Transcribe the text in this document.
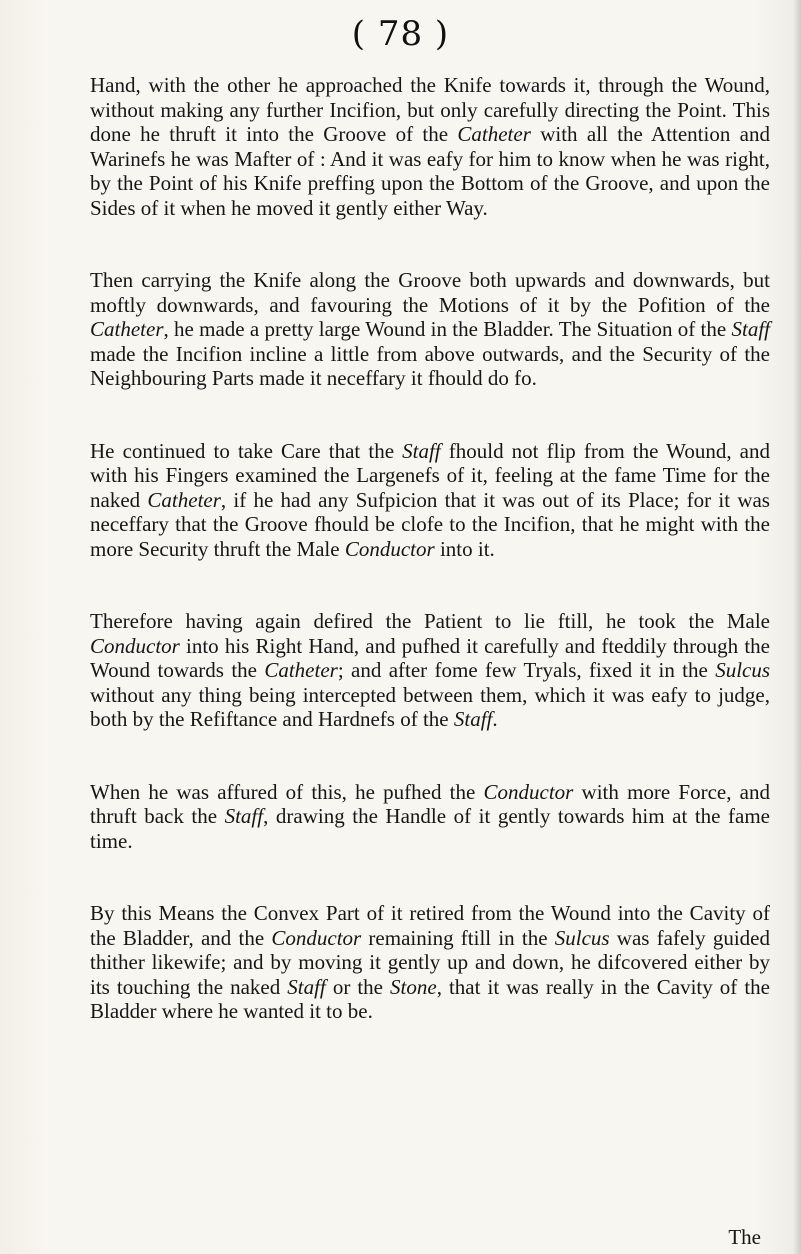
( 78 )

Hand, with the other he approached the Knife towards it, through the Wound, without making any further Incifion, but only carefully directing the Point. This done he thruft it into the Groove of the Catheter with all the Attention and Warinefs he was Mafter of : And it was eafy for him to know when he was right, by the Point of his Knife preffing upon the Bottom of the Groove, and upon the Sides of it when he moved it gently either Way.

Then carrying the Knife along the Groove both upwards and downwards, but moftly downwards, and favouring the Motions of it by the Pofition of the Catheter, he made a pretty large Wound in the Bladder. The Situation of the Staff made the Incifion incline a little from above outwards, and the Security of the Neighbouring Parts made it neceffary it fhould do fo.

He continued to take Care that the Staff fhould not flip from the Wound, and with his Fingers examined the Largenefs of it, feeling at the fame Time for the naked Catheter, if he had any Sufpicion that it was out of its Place; for it was neceffary that the Groove fhould be clofe to the Incifion, that he might with the more Security thruft the Male Conductor into it.

Therefore having again defired the Patient to lie ftill, he took the Male Conductor into his Right Hand, and pufhed it carefully and fteddily through the Wound towards the Catheter; and after fome few Tryals, fixed it in the Sulcus without any thing being intercepted between them, which it was eafy to judge, both by the Refiftance and Hardnefs of the Staff.

When he was affured of this, he pufhed the Conductor with more Force, and thruft back the Staff, drawing the Handle of it gently towards him at the fame time.

By this Means the Convex Part of it retired from the Wound into the Cavity of the Bladder, and the Conductor remaining ftill in the Sulcus was fafely guided thither likewife; and by moving it gently up and down, he difcovered either by its touching the naked Staff or the Stone, that it was really in the Cavity of the Bladder where he wanted it to be.

The
